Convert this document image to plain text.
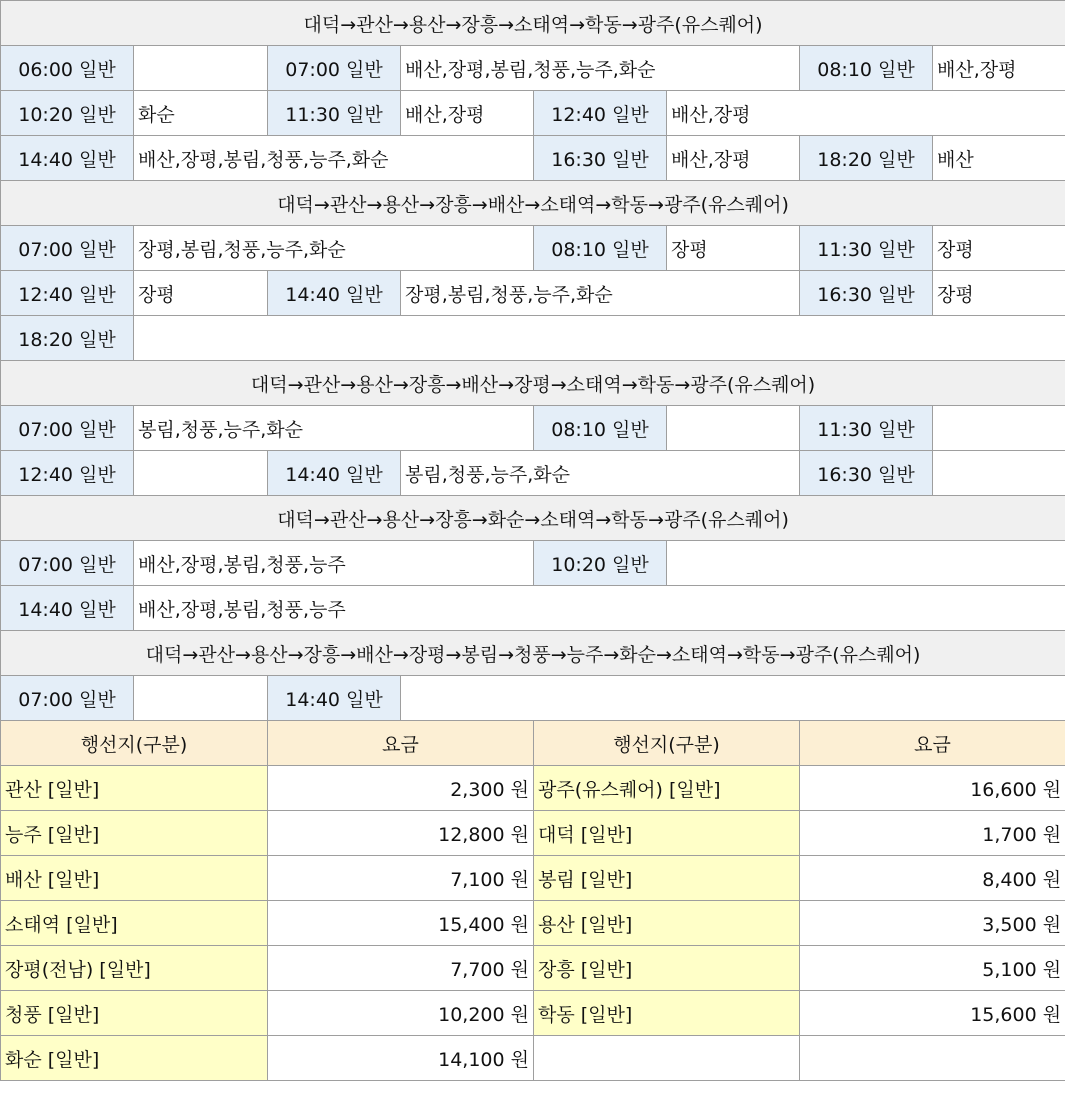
대덕→관산→용산→장흥→소태역→학동→광주(유스퀘어)							
06:00 일반		07:00 일반	배산,장평,봉림,청풍,능주,화순			08:10 일반	배산,장평
10:20 일반	화순	11:30 일반	배산,장평	12:40 일반	배산,장평		
14:40 일반	배산,장평,봉림,청풍,능주,화순			16:30 일반	배산,장평	18:20 일반	배산
대덕→관산→용산→장흥→배산→소태역→학동→광주(유스퀘어)							
07:00 일반	장평,봉림,청풍,능주,화순			08:10 일반	장평	11:30 일반	장평
12:40 일반	장평	14:40 일반	장평,봉림,청풍,능주,화순			16:30 일반	장평
18:20 일반							
대덕→관산→용산→장흥→배산→장평→소태역→학동→광주(유스퀘어)							
07:00 일반	봉림,청풍,능주,화순			08:10 일반		11:30 일반	
12:40 일반		14:40 일반	봉림,청풍,능주,화순			16:30 일반	
대덕→관산→용산→장흥→화순→소태역→학동→광주(유스퀘어)							
07:00 일반	배산,장평,봉림,청풍,능주			10:20 일반			
14:40 일반	배산,장평,봉림,청풍,능주						
대덕→관산→용산→장흥→배산→장평→봉림→청풍→능주→화순→소태역→학동→광주(유스퀘어)							
07:00 일반		14:40 일반					
행선지(구분)		요금		행선지(구분)		요금	
관산 [일반]		2,300 원		광주(유스퀘어) [일반]		16,600 원	
능주 [일반]		12,800 원		대덕 [일반]		1,700 원	
배산 [일반]		7,100 원		봉림 [일반]		8,400 원	
소태역 [일반]		15,400 원		용산 [일반]		3,500 원	
장평(전남) [일반]		7,700 원		장흥 [일반]		5,100 원	
청풍 [일반]		10,200 원		학동 [일반]		15,600 원	
화순 [일반]		14,100 원					
